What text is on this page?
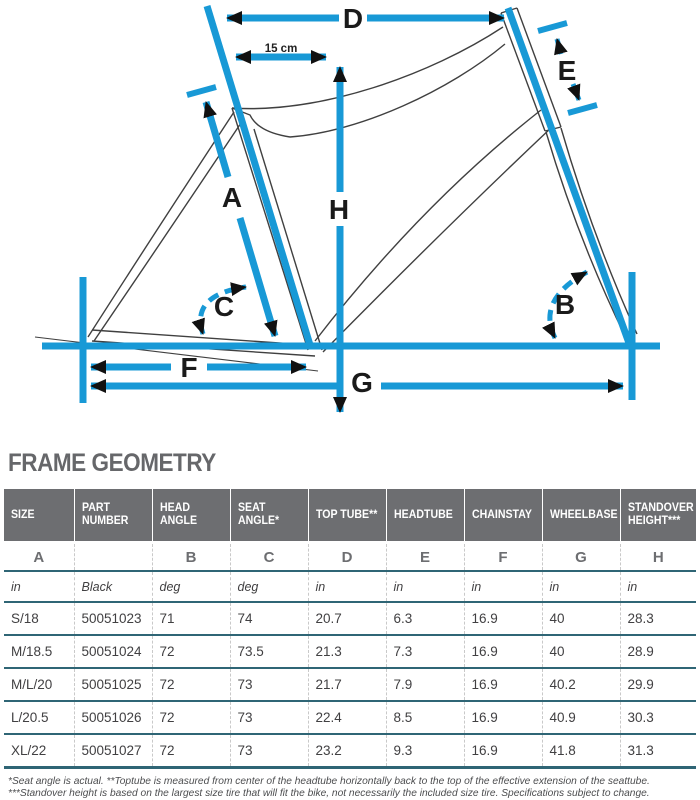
A
B
C
D
E
F	G
H
15 cm
FRAME GEOMETRY
SIZE	PART NUMBER	HEAD ANGLE	SEAT ANGLE*	TOP TUBE**	HEADTUBE	CHAINSTAY	WHEELBASE	STANDOVER HEIGHT***
A		B	C	D	E	F	G	H
in	Black	deg	deg	in	in	in	in	in
S/18	50051023	71	74	20.7	6.3	16.9	40	28.3
M/18.5	50051024	72	73.5	21.3	7.3	16.9	40	28.9
M/L/20	50051025	72	73	21.7	7.9	16.9	40.2	29.9
L/20.5	50051026	72	73	22.4	8.5	16.9	40.9	30.3
XL/22	50051027	72	73	23.2	9.3	16.9	41.8	31.3
*Seat angle is actual. **Toptube is measured from center of the headtube horizontally back to the top of the effective extension of the seattube.
***Standover height is based on the largest size tire that will fit the bike, not necessarily the included size tire. Specifications subject to change.
